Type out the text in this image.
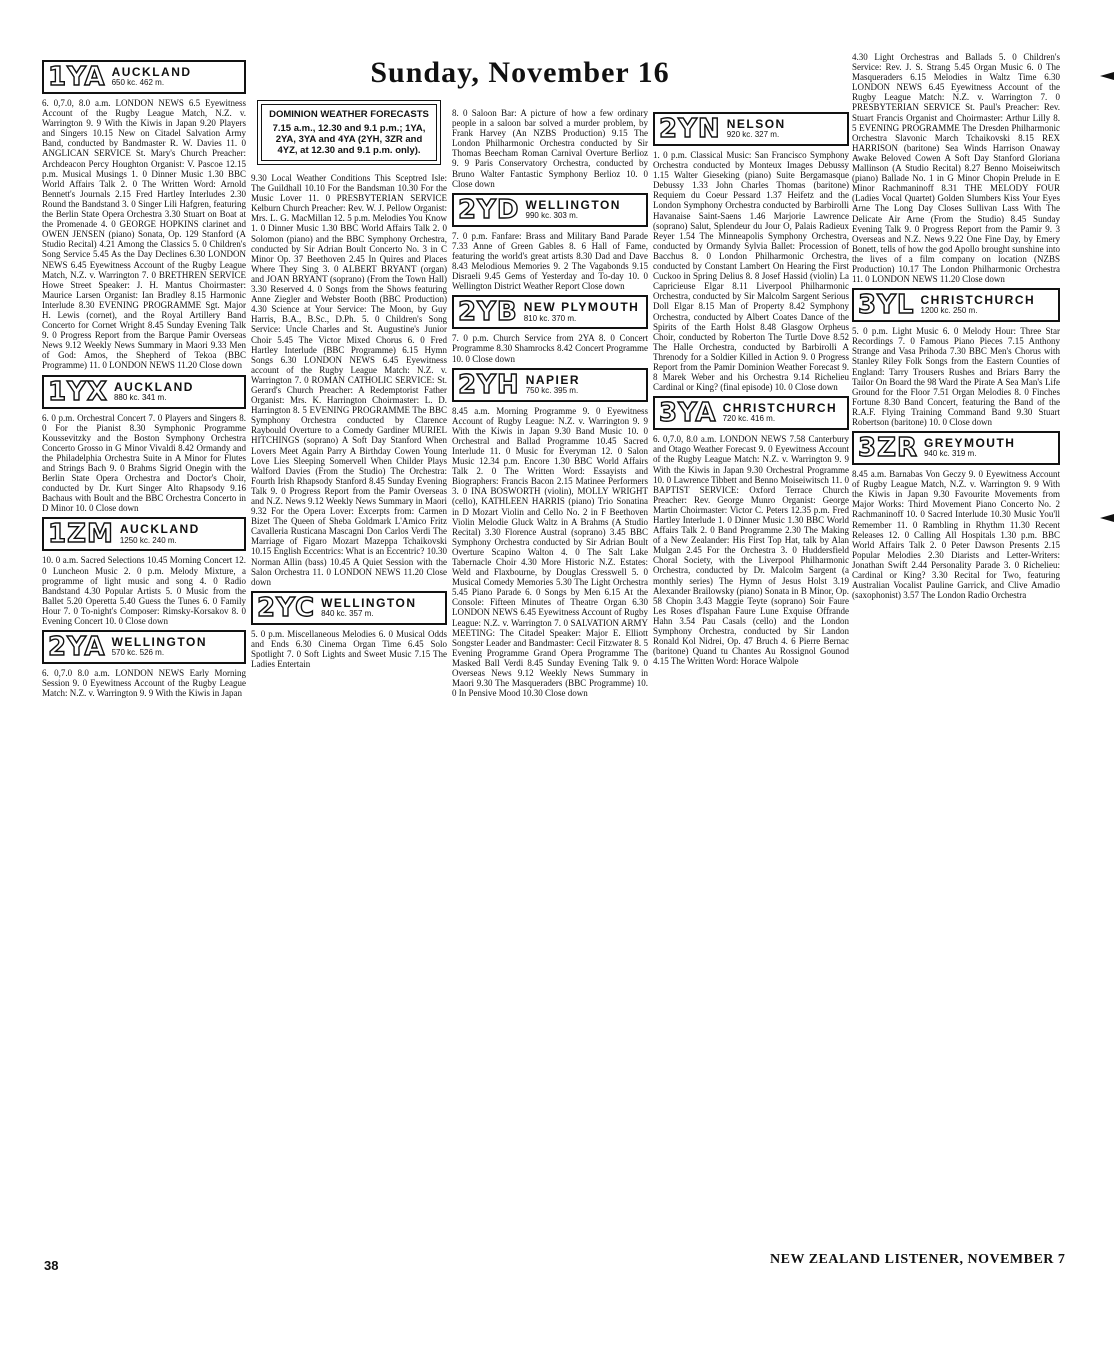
Sunday, November 16
1YA AUCKLAND
650 kc. 462 m.

6. 0,7.0, 8.0 a.m. LONDON NEWS 6.5 Eyewitness Account of the Rugby League Match, N.Z. v. Warrington 9. 9 With the Kiwis in Japan 9.20 Players and Singers 10.15 New on Citadel Salvation Army Band, conducted by Bandmaster R. W. Davies 11. 0 ANGLICAN SERVICE St. Mary's Church Preacher: Archdeacon Percy Houghton Organist: V. Pascoe 12.15 p.m. Musical Musings 1. 0 Dinner Music 1.30 BBC World Affairs Talk 2. 0 The Written Word: Arnold Bennett's Journals 2.15 Fred Hartley Interludes 2.30 Round the Bandstand 3. 0 Singer Lili Hafgren, featuring the Berlin State Opera Orchestra 3.30 Stuart on Boat at the Promenade 4. 0 GEORGE HOPKINS clarinet and OWEN JENSEN (piano) Sonata, Op. 129 Stanford (A Studio Recital) 4.21 Among the Classics 5. 0 Children's Song Service 5.45 As the Day Declines 6.30 LONDON NEWS 6.45 Eyewitness Account of the Rugby League Match, N.Z. v. Warrington 7. 0 BRETHREN SERVICE Howe Street Speaker: J. H. Mantus Choirmaster: Maurice Larsen Organist: Ian Bradley 8.15 Harmonic Interlude 8.30 EVENING PROGRAMME Sgt. Major H. Lewis (cornet), and the Royal Artillery Band Concerto for Cornet Wright 8.45 Sunday Evening Talk 9. 0 Progress Report from the Barque Pamir Overseas News 9.12 Weekly News Summary in Maori 9.33 Men of God: Amos, the Shepherd of Tekoa (BBC Programme) 11. 0 LONDON NEWS 11.20 Close down

1YX AUCKLAND
880 kc. 341 m.

6. 0 p.m. Orchestral Concert 7. 0 Players and Singers 8. 0 For the Pianist 8.30 Symphonic Programme Koussevitzky and the Boston Symphony Orchestra Concerto Grosso in G Minor Vivaldi 8.42 Ormandy and the Philadelphia Orchestra Suite in A Minor for Flutes and Strings Bach 9. 0 Brahms Sigrid Onegin with the Berlin State Opera Orchestra and Doctor's Choir, conducted by Dr. Kurt Singer Alto Rhapsody 9.16 Bachaus with Boult and the BBC Orchestra Concerto in D Minor 10. 0 Close down

1ZM AUCKLAND
1250 kc. 240 m.

10. 0 a.m. Sacred Selections 10.45 Morning Concert 12. 0 Luncheon Music 2. 0 p.m. Melody Mixture, a programme of light music and song 4. 0 Radio Bandstand 4.30 Popular Artists 5. 0 Music from the Ballet 5.20 Operetta 5.40 Guess the Tunes 6. 0 Family Hour 7. 0 To-night's Composer: Rimsky-Korsakov 8. 0 Evening Concert 10. 0 Close down

2YA WELLINGTON
570 kc. 526 m.

6. 0,7.0 8.0 a.m. LONDON NEWS Early Morning Session 9. 0 Eyewitness Account of the Rugby League Match: N.Z. v. Warrington 9. 9 With the Kiwis in Japan

DOMINION WEATHER FORECASTS
7.15 a.m., 12.30 and 9.1 p.m.; 1YA, 2YA, 3YA and 4YA (2YH, 3ZR and 4YZ, at 12.30 and 9.1 p.m. only).

9.30 Local Weather Conditions This Sceptred Isle: The Guildhall 10.10 For the Bandsman 10.30 For the Music Lover 11. 0 PRESBYTERIAN SERVICE Kelburn Church Preacher: Rev. W. J. Pellow Organist: Mrs. L. G. MacMillan 12. 5 p.m. Melodies You Know 1. 0 Dinner Music 1.30 BBC World Affairs Talk 2. 0 Solomon (piano) and the BBC Symphony Orchestra, conducted by Sir Adrian Boult Concerto No. 3 in C Minor Op. 37 Beethoven 2.45 In Quires and Places Where They Sing 3. 0 ALBERT BRYANT (organ) and JOAN BRYANT (soprano) (From the Town Hall) 3.30 Reserved 4. 0 Songs from the Shows featuring Anne Ziegler and Webster Booth (BBC Production) 4.30 Science at Your Service: The Moon, by Guy Harris, B.A., B.Sc., D.Ph. 5. 0 Children's Song Service: Uncle Charles and St. Augustine's Junior Choir 5.45 The Victor Mixed Chorus 6. 0 Fred Hartley Interlude (BBC Programme) 6.15 Hymn Songs 6.30 LONDON NEWS 6.45 Eyewitness account of the Rugby League Match: N.Z. v. Warrington 7. 0 ROMAN CATHOLIC SERVICE: St. Gerard's Church Preacher: A Redemptorist Father Organist: Mrs. K. Harrington Choirmaster: L. D. Harrington 8. 5 EVENING PROGRAMME The BBC Symphony Orchestra conducted by Clarence Raybould Overture to a Comedy Gardiner MURIEL HITCHINGS (soprano) A Soft Day Stanford When Lovers Meet Again Parry A Birthday Cowen Young Love Lies Sleeping Somervell When Childer Plays Walford Davies (From the Studio) The Orchestra: Fourth Irish Rhapsody Stanford 8.45 Sunday Evening Talk 9. 0 Progress Report from the Pamir Overseas and N.Z. News 9.12 Weekly News Summary in Maori 9.32 For the Opera Lover: Excerpts from: Carmen Bizet The Queen of Sheba Goldmark L'Amico Fritz Cavalleria Rusticana Mascagni Don Carlos Verdi The Marriage of Figaro Mozart Mazeppa Tchaikovski 10.15 English Eccentrics: What is an Eccentric? 10.30 Norman Allin (bass) 10.45 A Quiet Session with the Salon Orchestra 11. 0 LONDON NEWS 11.20 Close down

2YC WELLINGTON
840 kc. 357 m.

5. 0 p.m. Miscellaneous Melodies 6. 0 Musical Odds and Ends 6.30 Cinema Organ Time 6.45 Solo Spotlight 7. 0 Soft Lights and Sweet Music 7.15 The Ladies Entertain

8. 0 Saloon Bar: A picture of how a few ordinary people in a saloon bar solved a murder problem, by Frank Harvey (An NZBS Production) 9.15 The London Philharmonic Orchestra conducted by Sir Thomas Beecham Roman Carnival Overture Berlioz 9. 9 Paris Conservatory Orchestra, conducted by Bruno Walter Fantastic Symphony Berlioz 10. 0 Close down

2YD WELLINGTON
990 kc. 303 m.

7. 0 p.m. Fanfare: Brass and Military Band Parade 7.33 Anne of Green Gables 8. 6 Hall of Fame, featuring the world's great artists 8.30 Dad and Dave 8.43 Melodious Memories 9. 2 The Vagabonds 9.15 Disraeli 9.45 Gems of Yesterday and To-day 10. 0 Wellington District Weather Report Close down

2YB NEW PLYMOUTH
810 kc. 370 m.

7. 0 p.m. Church Service from 2YA 8. 0 Concert Programme 8.30 Shamrocks 8.42 Concert Programme 10. 0 Close down

2YH NAPIER
750 kc. 395 m.

8.45 a.m. Morning Programme 9. 0 Eyewitness Account of Rugby League: N.Z. v. Warrington 9. 9 With the Kiwis in Japan 9.30 Band Music 10. 0 Orchestral and Ballad Programme 10.45 Sacred Interlude 11. 0 Music for Everyman 12. 0 Salon Music 12.34 p.m. Encore 1.30 BBC World Affairs Talk 2. 0 The Written Word: Essayists and Biographers: Francis Bacon 2.15 Matinee Performers 3. 0 INA BOSWORTH (violin), MOLLY WRIGHT (cello), KATHLEEN HARRIS (piano) Trio Sonatina in D Mozart Violin and Cello No. 2 in F Beethoven Violin Melodie Gluck Waltz in A Brahms (A Studio Recital) 3.30 Florence Austral (soprano) 3.45 BBC Symphony Orchestra conducted by Sir Adrian Boult Overture Scapino Walton 4. 0 The Salt Lake Tabernacle Choir 4.30 More Historic N.Z. Estates: Weld and Flaxbourne, by Douglas Cresswell 5. 0 Musical Comedy Memories 5.30 The Light Orchestra 5.45 Piano Parade 6. 0 Songs by Men 6.15 At the Console: Fifteen Minutes of Theatre Organ 6.30 LONDON NEWS 6.45 Eyewitness Account of Rugby League: N.Z. v. Warrington 7. 0 SALVATION ARMY MEETING: The Citadel Speaker: Major E. Elliott Songster Leader and Bandmaster: Cecil Fitzwater 8. 5 Evening Programme Grand Opera Programme The Masked Ball Verdi 8.45 Sunday Evening Talk 9. 0 Overseas News 9.12 Weekly News Summary in Maori 9.30 The Masqueraders (BBC Programme) 10. 0 In Pensive Mood 10.30 Close down

2YN NELSON
920 kc. 327 m.

1. 0 p.m. Classical Music: San Francisco Symphony Orchestra conducted by Monteux Images Debussy 1.15 Walter Gieseking (piano) Suite Bergamasque Debussy 1.33 John Charles Thomas (baritone) Requiem du Coeur Pessard 1.37 Heifetz and the London Symphony Orchestra conducted by Barbirolli Havanaise Saint-Saens 1.46 Marjorie Lawrence (soprano) Salut, Splendeur du Jour O, Palais Radieux Reyer 1.54 The Minneapolis Symphony Orchestra, conducted by Ormandy Sylvia Ballet: Procession of Bacchus 8. 0 London Philharmonic Orchestra, conducted by Constant Lambert On Hearing the First Cuckoo in Spring Delius 8. 8 Josef Hassid (violin) La Capricieuse Elgar 8.11 Liverpool Philharmonic Orchestra, conducted by Sir Malcolm Sargent Serious Doll Elgar 8.15 Man of Property 8.42 Symphony Orchestra, conducted by Albert Coates Dance of the Spirits of the Earth Holst 8.48 Glasgow Orpheus Choir, conducted by Roberton The Turtle Dove 8.52 The Halle Orchestra, conducted by Barbirolli A Threnody for a Soldier Killed in Action 9. 0 Progress Report from the Pamir Dominion Weather Forecast 9. 8 Marek Weber and his Orchestra 9.14 Richelieu Cardinal or King? (final episode) 10. 0 Close down

3YA CHRISTCHURCH
720 kc. 416 m.

6. 0,7.0, 8.0 a.m. LONDON NEWS 7.58 Canterbury and Otago Weather Forecast 9. 0 Eyewitness Account of the Rugby League Match: N.Z. v. Warrington 9. 9 With the Kiwis in Japan 9.30 Orchestral Programme 10. 0 Lawrence Tibbett and Benno Moiseiwitsch 11. 0 BAPTIST SERVICE: Oxford Terrace Church Preacher: Rev. George Munro Organist: George Martin Choirmaster: Victor C. Peters 12.35 p.m. Fred Hartley Interlude 1. 0 Dinner Music 1.30 BBC World Affairs Talk 2. 0 Band Programme 2.30 The Making of a New Zealander: His First Top Hat, talk by Alan Mulgan 2.45 For the Orchestra 3. 0 Huddersfield Choral Society, with the Liverpool Philharmonic Orchestra, conducted by Dr. Malcolm Sargent (a monthly series) The Hymn of Jesus Holst 3.19 Alexander Brailowsky (piano) Sonata in B Minor, Op. 58 Chopin 3.43 Maggie Teyte (soprano) Soir Faure Les Roses d'Ispahan Faure Lune Exquise Offrande Hahn 3.54 Pau Casals (cello) and the London Symphony Orchestra, conducted by Sir Landon Ronald Kol Nidrei, Op. 47 Bruch 4. 6 Pierre Bernac (baritone) Quand tu Chantes Au Rossignol Gounod 4.15 The Written Word: Horace Walpole

4.30 Light Orchestras and Ballads 5. 0 Children's Service: Rev. J. S. Strang 5.45 Organ Music 6. 0 The Masqueraders 6.15 Melodies in Waltz Time 6.30 LONDON NEWS 6.45 Eyewitness Account of the Rugby League Match: N.Z. v. Warrington 7. 0 PRESBYTERIAN SERVICE St. Paul's Preacher: Rev. Stuart Francis Organist and Choirmaster: Arthur Lilly 8. 5 EVENING PROGRAMME The Dresden Philharmonic Orchestra Slavonic March Tchaikovski 8.15 REX HARRISON (baritone) Sea Winds Harrison Onaway Awake Beloved Cowen A Soft Day Stanford Gloriana Mallinson (A Studio Recital) 8.27 Benno Moiseiwitsch (piano) Ballade No. 1 in G Minor Chopin Prelude in E Minor Rachmaninoff 8.31 THE MELODY FOUR (Ladies Vocal Quartet) Golden Slumbers Kiss Your Eyes Arne The Long Day Closes Sullivan Lass With The Delicate Air Arne (From the Studio) 8.45 Sunday Evening Talk 9. 0 Progress Report from the Pamir 9. 3 Overseas and N.Z. News 9.22 One Fine Day, by Emery Bonett, tells of how the god Apollo brought sunshine into the lives of a film company on location (NZBS Production) 10.17 The London Philharmonic Orchestra 11. 0 LONDON NEWS 11.20 Close down

3YL CHRISTCHURCH
1200 kc. 250 m.

5. 0 p.m. Light Music 6. 0 Melody Hour: Three Star Recordings 7. 0 Famous Piano Pieces 7.15 Anthony Strange and Vasa Prihoda 7.30 BBC Men's Chorus with Stanley Riley Folk Songs from the Eastern Counties of England: Tarry Trousers Rushes and Briars Barry the Tailor On Board the 98 Ward the Pirate A Sea Man's Life Ground for the Floor 7.51 Organ Melodies 8. 0 Finches Fortune 8.30 Band Concert, featuring the Band of the R.A.F. Flying Training Command Band 9.30 Stuart Robertson (baritone) 10. 0 Close down

3ZR GREYMOUTH
940 kc. 319 m.

8.45 a.m. Barnabas Von Geczy 9. 0 Eyewitness Account of Rugby League Match, N.Z. v. Warrington 9. 9 With the Kiwis in Japan 9.30 Favourite Movements from Major Works: Third Movement Piano Concerto No. 2 Rachmaninoff 10. 0 Sacred Interlude 10.30 Music You'll Remember 11. 0 Rambling in Rhythm 11.30 Recent Releases 12. 0 Calling All Hospitals 1.30 p.m. BBC World Affairs Talk 2. 0 Peter Dawson Presents 2.15 Popular Melodies 2.30 Diarists and Letter-Writers: Jonathan Swift 2.44 Personality Parade 3. 0 Richelieu: Cardinal or King? 3.30 Recital for Two, featuring Australian Vocalist Pauline Garrick, and Clive Amadio (saxophonist) 3.57 The London Radio Orchestra

38	NEW ZEALAND LISTENER, NOVEMBER 7
